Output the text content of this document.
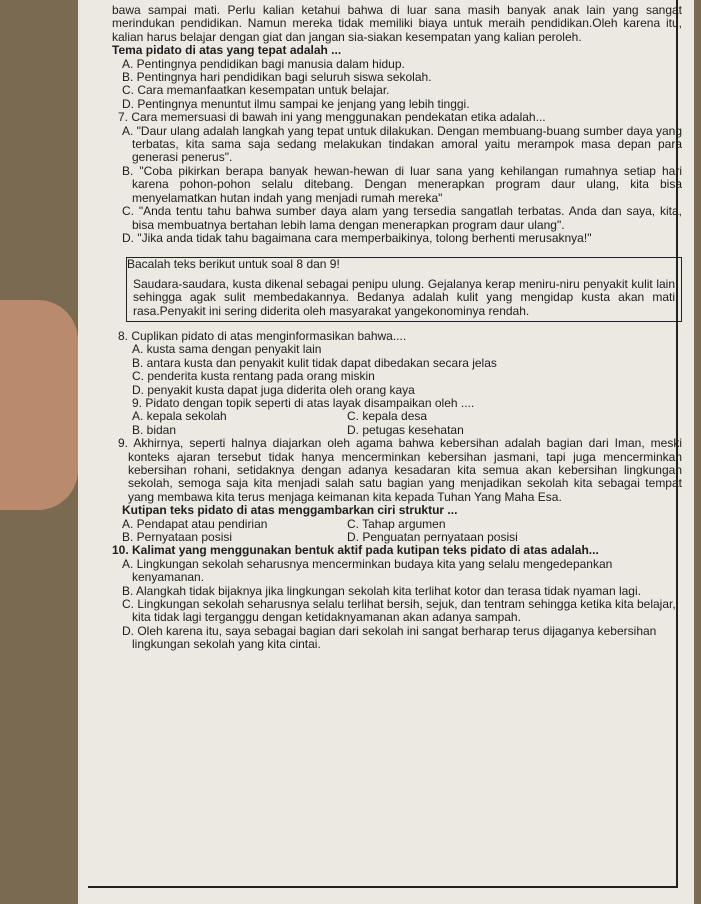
bawa sampai mati. Perlu kalian ketahui bahwa di luar sana masih banyak anak lain yang sangat merindukan pendidikan. Namun mereka tidak memiliki biaya untuk meraih pendidikan.Oleh karena itu, kalian harus belajar dengan giat dan jangan sia-siakan kesempatan yang kalian peroleh.

Tema pidato di atas yang tepat adalah ...

A. Pentingnya pendidikan bagi manusia dalam hidup.

B. Pentingnya hari pendidikan bagi seluruh siswa sekolah.

C. Cara memanfaatkan kesempatan untuk belajar.

D. Pentingnya menuntut ilmu sampai ke jenjang yang lebih tinggi.

7. Cara memersuasi di bawah ini yang menggunakan pendekatan etika adalah...

A. "Daur ulang adalah langkah yang tepat untuk dilakukan. Dengan membuang-buang sumber daya yang terbatas, kita sama saja sedang melakukan tindakan amoral yaitu merampok masa depan para generasi penerus".

B. "Coba pikirkan berapa banyak hewan-hewan di luar sana yang kehilangan rumahnya setiap hari karena pohon-pohon selalu ditebang. Dengan menerapkan program daur ulang, kita bisa menyelamatkan hutan indah yang menjadi rumah mereka"

C. "Anda tentu tahu bahwa sumber daya alam yang tersedia sangatlah terbatas. Anda dan saya, kita, bisa membuatnya bertahan lebih lama dengan menerapkan program daur ulang".

D. "Jika anda tidak tahu bagaimana cara memperbaikinya, tolong berhenti merusaknya!"

Bacalah teks berikut untuk soal 8 dan 9!

Saudara-saudara, kusta dikenal sebagai penipu ulung. Gejalanya kerap meniru-niru penyakit kulit lain sehingga agak sulit membedakannya. Bedanya adalah kulit yang mengidap kusta akan mati rasa.Penyakit ini sering diderita oleh masyarakat yangekonominya rendah.

8. Cuplikan pidato di atas menginformasikan bahwa....

A. kusta sama dengan penyakit lain

B. antara kusta dan penyakit kulit tidak dapat dibedakan secara jelas

C. penderita kusta rentang pada orang miskin

D. penyakit kusta dapat juga diderita oleh orang kaya

9. Pidato dengan topik seperti di atas layak disampaikan oleh ....

A. kepala sekolah	C. kepala desa
B. bidan	D. petugas kesehatan

9. Akhirnya, seperti halnya diajarkan oleh agama bahwa kebersihan adalah bagian dari Iman, meski konteks ajaran tersebut tidak hanya mencerminkan kebersihan jasmani, tapi juga mencerminkan kebersihan rohani, setidaknya dengan adanya kesadaran kita semua akan kebersihan lingkungan sekolah, semoga saja kita menjadi salah satu bagian yang menjadikan sekolah kita sebagai tempat yang membawa kita terus menjaga keimanan kita kepada Tuhan Yang Maha Esa.

Kutipan teks pidato di atas menggambarkan ciri struktur ...

A. Pendapat atau pendirian	C. Tahap argumen
B. Pernyataan posisi	D. Penguatan pernyataan posisi

10. Kalimat yang menggunakan bentuk aktif pada kutipan teks pidato di atas adalah...

A. Lingkungan sekolah seharusnya mencerminkan budaya kita yang selalu mengedepankan kenyamanan.

B. Alangkah tidak bijaknya jika lingkungan sekolah kita terlihat kotor dan terasa tidak nyaman lagi.

C. Lingkungan sekolah seharusnya selalu terlihat bersih, sejuk, dan tentram sehingga ketika kita belajar, kita tidak lagi terganggu dengan ketidaknyamanan akan adanya sampah.

D. Oleh karena itu, saya sebagai bagian dari sekolah ini sangat berharap terus dijaganya kebersihan lingkungan sekolah yang kita cintai.
